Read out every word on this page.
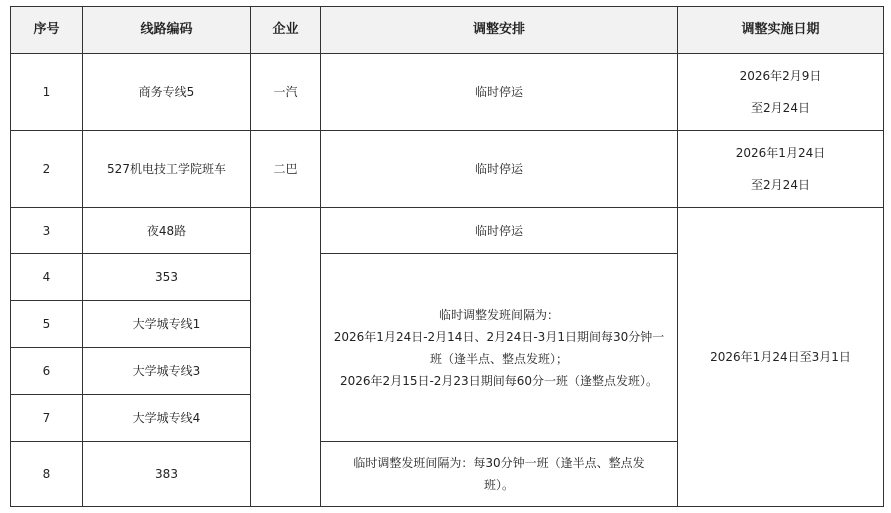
序号	线路编码	企业	调整安排	调整实施日期
1	商务专线5	一汽	临时停运	2026年2月9日
至2月24日

2	527机电技工学院班车	二巴	临时停运	2026年1月24日
至2月24日

3	夜48路		临时停运	2026年1月24日至3月1日
4	353		临时调整发班间隔为：
2026年1月24日-2月14日、2月24日-3月1日期间每30分钟一
班（逢半点、整点发班）；
2026年2月15日-2月23日期间每60分一班（逢整点发班）。	

5	大学城专线1			
6	大学城专线3			
7	大学城专线4			
8	383		临时调整发班间隔为：每30分钟一班（逢半点、整点发
班）。	
